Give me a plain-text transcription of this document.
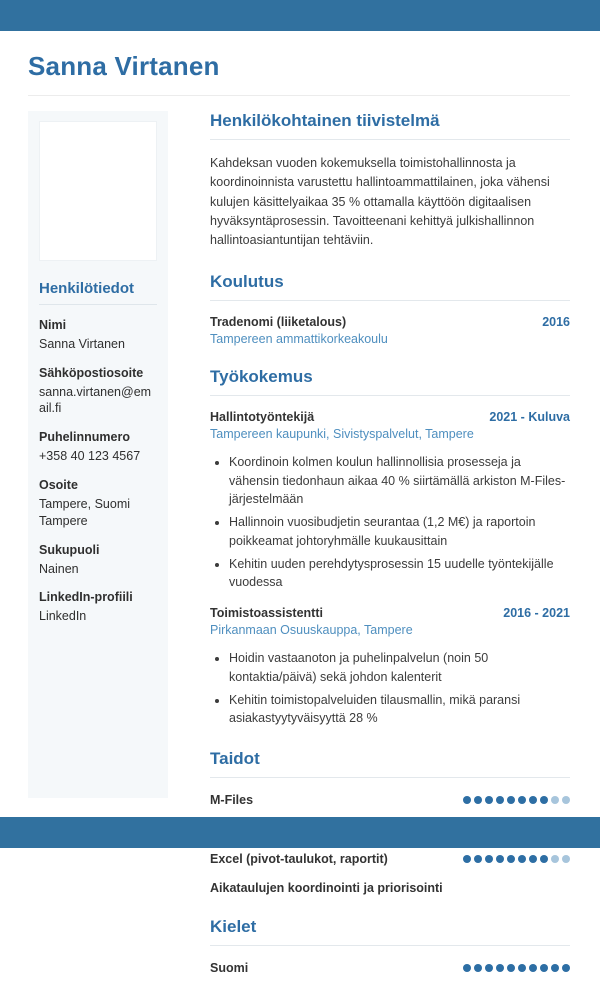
Sanna Virtanen
Henkilötiedot
Nimi
Sanna Virtanen
Sähköpostiosoite
sanna.virtanen@email.fi
Puhelinnumero
+358 40 123 4567
Osoite
Tampere, Suomi Tampere
Sukupuoli
Nainen
LinkedIn-profiili
LinkedIn
Henkilökohtainen tiivistelmä

Kahdeksan vuoden kokemuksella toimistohallinnosta ja koordinoinnista varustettu hallintoammattilainen, joka vähensi kulujen käsittelyaikaa 35 % ottamalla käyttöön digitaalisen hyväksyntäprosessin. Tavoitteenani kehittyä julkishallinnon hallintoasiantuntijan tehtäviin.

Koulutus
Tradenomi (liiketalous)	2016
Tampereen ammattikorkeakoulu
Työkokemus
Hallintotyöntekijä	2021 - Kuluva
Tampereen kaupunki, Sivistyspalvelut, Tampere
• Koordinoin kolmen koulun hallinnollisia prosesseja ja vähensin tiedonhaun aikaa 40 % siirtämällä arkiston M-Files-järjestelmään
• Hallinnoin vuosibudjetin seurantaa (1,2 M€) ja raportoin poikkeamat johtoryhmälle kuukausittain
• Kehitin uuden perehdytysprosessin 15 uudelle työntekijälle vuodessa
Toimistoassistentti	2016 - 2021
Pirkanmaan Osuuskauppa, Tampere
• Hoidin vastaanoton ja puhelinpalvelun (noin 50 kontaktia/päivä) sekä johdon kalenterit
• Kehitin toimistopalveluiden tilausmallin, mikä paransi asiakastyytyväisyyttä 28 %
Taidot
M-Files
Excel (pivot-taulukot, raportit)
Aikataulujen koordinointi ja priorisointi
Kielet
Suomi
